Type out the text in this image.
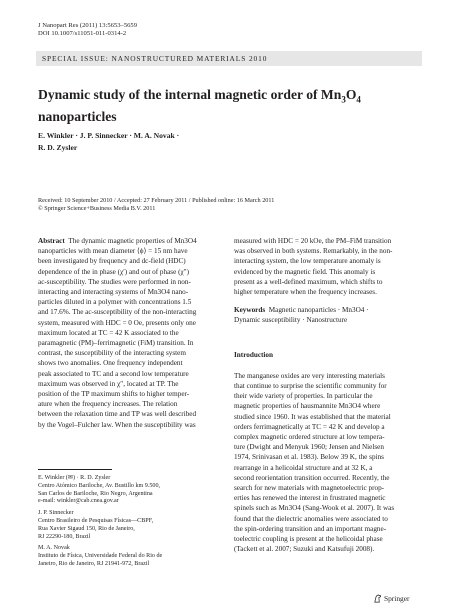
J Nanopart Res (2011) 13:5653–5659
DOI 10.1007/s11051-011-0314-2
SPECIAL ISSUE: NANOSTRUCTURED MATERIALS 2010
Dynamic study of the internal magnetic order of $Mn_3O_4$
nanoparticles
E. Winkler · J. P. Sinnecker · M. A. Novak ·
R. D. Zysler
Received: 10 September 2010 / Accepted: 27 February 2011 / Published online: 16 March 2011
© Springer Science+Business Media B.V. 2011
Abstract The dynamic magnetic properties of Mn3O4
nanoparticles with mean diameter ⟨ϕ⟩ = 15 nm have
been investigated by frequency and dc-field (HDC)
dependence of the in phase (χ′) and out of phase (χ″)
ac-susceptibility. The studies were performed in non-
interacting and interacting systems of Mn3O4 nano-
particles diluted in a polymer with concentrations 1.5
and 17.6%. The ac-susceptibility of the non-interacting
system, measured with HDC = 0 Oe, presents only one
maximum located at TC = 42 K associated to the
paramagnetic (PM)–ferrimagnetic (FiM) transition. In
contrast, the susceptibility of the interacting system
shows two anomalies. One frequency independent
peak associated to TC and a second low temperature
maximum was observed in χ″, located at TP. The
position of the TP maximum shifts to higher temper-
ature when the frequency increases. The relation
between the relaxation time and TP was well described
by the Vogel–Fulcher law. When the susceptibility was
E. Winkler (✉) · R. D. Zysler
Centro Atómico Bariloche, Av. Bustillo km 9.500,
San Carlos de Bariloche, Rio Negro, Argentina
e-mail: winkler@cab.cnea.gov.ar
J. P. Sinnecker
Centro Brasileiro de Pesquisas Físicas—CBPF,
Rua Xavier Sigaud 150, Rio de Janeiro,
RJ 22290-180, Brazil
M. A. Novak
Instituto de Física, Universidade Federal do Rio de
Janeiro, Rio de Janeiro, RJ 21941-972, Brazil
measured with HDC = 20 kOe, the PM–FiM transition
was observed in both systems. Remarkably, in the non-
interacting system, the low temperature anomaly is
evidenced by the magnetic field. This anomaly is
present as a well-defined maximum, which shifts to
higher temperature when the frequency increases.
Keywords Magnetic nanoparticles · Mn3O4 ·
Dynamic susceptibility · Nanostructure
Introduction
The manganese oxides are very interesting materials
that continue to surprise the scientific community for
their wide variety of properties. In particular the
magnetic properties of hausmannite Mn3O4 where
studied since 1960. It was established that the material
orders ferrimagnetically at TC = 42 K and develop a
complex magnetic ordered structure at low tempera-
ture (Dwight and Menyuk 1960; Jensen and Nielsen
1974, Srinivasan et al. 1983). Below 39 K, the spins
rearrange in a helicoidal structure and at 32 K, a
second reorientation transition occurred. Recently, the
search for new materials with magnetoelectric prop-
erties has renewed the interest in frustrated magnetic
spinels such as Mn3O4 (Sang-Wook et al. 2007). It was
found that the dielectric anomalies were associated to
the spin-ordering transition and an important magne-
toelectric coupling is present at the helicoidal phase
(Tackett et al. 2007; Suzuki and Katsufuji 2008).
Springer
